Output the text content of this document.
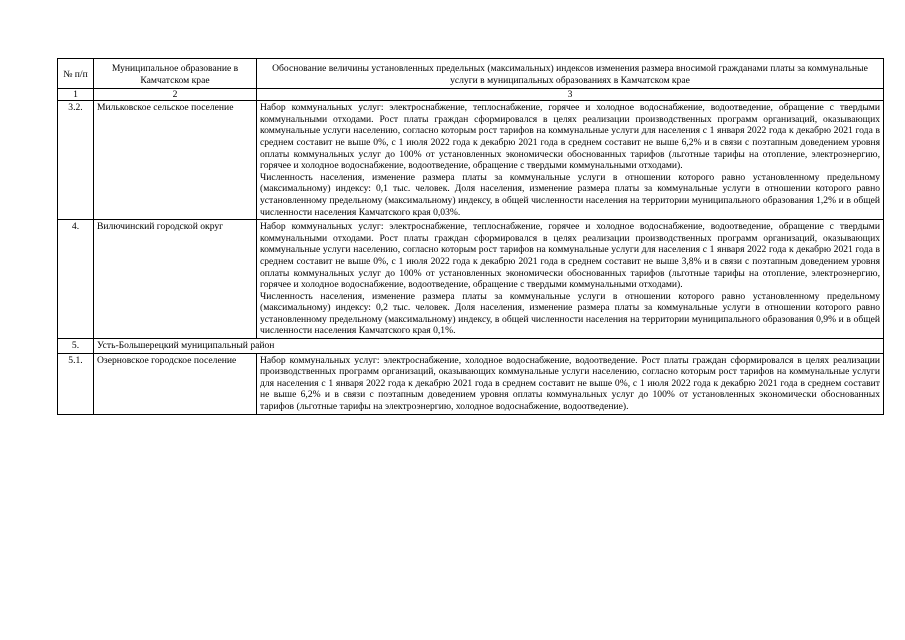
№ п/п	Муниципальное образование в Камчатском крае	Обоснование величины установленных предельных (максимальных) индексов изменения размера вносимой гражданами платы за коммунальные услуги в муниципальных образованиях в Камчатском крае
1	2	3
3.2.	Мильковское сельское поселение	Набор коммунальных услуг: электроснабжение, теплоснабжение, горячее и холодное водоснабжение, водоотведение, обращение с твердыми коммунальными отходами. Рост платы граждан сформировался в целях реализации производственных программ организаций, оказывающих коммунальные услуги населению, согласно которым рост тарифов на коммунальные услуги для населения с 1 января 2022 года к декабрю 2021 года в среднем составит не выше 0%, с 1 июля 2022 года к декабрю 2021 года в среднем составит не выше 6,2% и в связи с поэтапным доведением уровня оплаты коммунальных услуг до 100% от установленных экономически обоснованных тарифов (льготные тарифы на отопление, электроэнергию, горячее и холодное водоснабжение, водоотведение, обращение с твердыми коммунальными отходами).
Численность населения, изменение размера платы за коммунальные услуги в отношении которого равно установленному предельному (максимальному) индексу: 0,1 тыс. человек. Доля населения, изменение размера платы за коммунальные услуги в отношении которого равно установленному предельному (максимальному) индексу, в общей численности населения на территории муниципального образования 1,2% и в общей численности населения Камчатского края 0,03%.

4.	Вилючинский городской округ	Набор коммунальных услуг: электроснабжение, теплоснабжение, горячее и холодное водоснабжение, водоотведение, обращение с твердыми коммунальными отходами. Рост платы граждан сформировался в целях реализации производственных программ организаций, оказывающих коммунальные услуги населению, согласно которым рост тарифов на коммунальные услуги для населения с 1 января 2022 года к декабрю 2021 года в среднем составит не выше 0%, с 1 июля 2022 года к декабрю 2021 года в среднем составит не выше 3,8% и в связи с поэтапным доведением уровня оплаты коммунальных услуг до 100% от установленных экономически обоснованных тарифов (льготные тарифы на отопление, электроэнергию, горячее и холодное водоснабжение, водоотведение, обращение с твердыми коммунальными отходами).
Численность населения, изменение размера платы за коммунальные услуги в отношении которого равно установленному предельному (максимальному) индексу: 0,2 тыс. человек. Доля населения, изменение размера платы за коммунальные услуги в отношении которого равно установленному предельному (максимальному) индексу, в общей численности населения на территории муниципального образования 0,9% и в общей численности населения Камчатского края 0,1%.

5.	Усть-Большерецкий муниципальный район	
5.1.	Озерновское городское поселение	Набор коммунальных услуг: электроснабжение, холодное водоснабжение, водоотведение. Рост платы граждан сформировался в целях реализации производственных программ организаций, оказывающих коммунальные услуги населению, согласно которым рост тарифов на коммунальные услуги для населения с 1 января 2022 года к декабрю 2021 года в среднем составит не выше 0%, с 1 июля 2022 года к декабрю 2021 года в среднем составит не выше 6,2% и в связи с поэтапным доведением уровня оплаты коммунальных услуг до 100% от установленных экономически обоснованных тарифов (льготные тарифы на электроэнергию, холодное водоснабжение, водоотведение).
